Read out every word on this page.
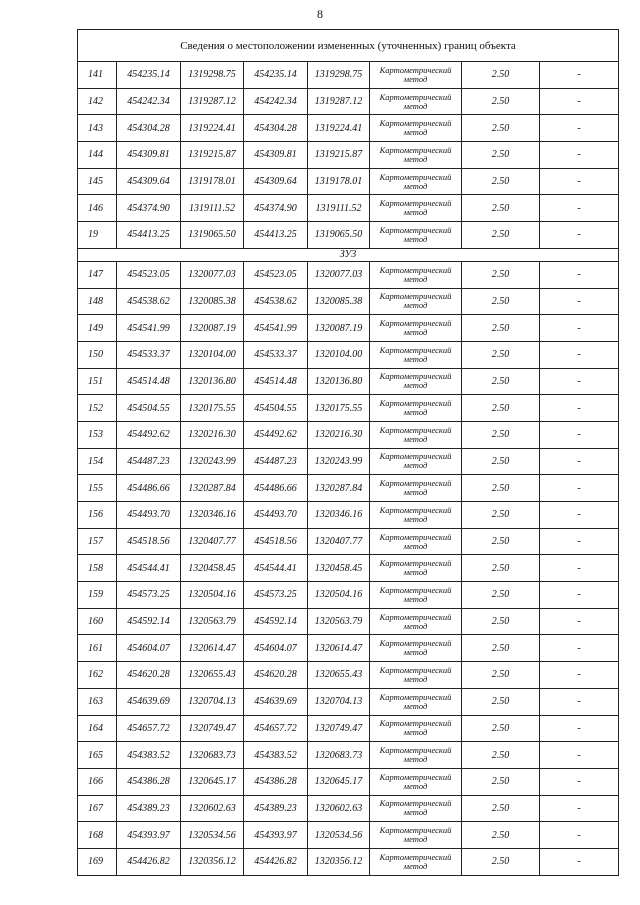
8
Сведения о местоположении измененных (уточненных) границ объекта							
141	454235.14	1319298.75	454235.14	1319298.75	Картометрический метод	2.50	-
142	454242.34	1319287.12	454242.34	1319287.12	Картометрический метод	2.50	-
143	454304.28	1319224.41	454304.28	1319224.41	Картометрический метод	2.50	-
144	454309.81	1319215.87	454309.81	1319215.87	Картометрический метод	2.50	-
145	454309.64	1319178.01	454309.64	1319178.01	Картометрический метод	2.50	-
146	454374.90	1319111.52	454374.90	1319111.52	Картометрический метод	2.50	-
19	454413.25	1319065.50	454413.25	1319065.50	Картометрический метод	2.50	-
ЗУ3							
147	454523.05	1320077.03	454523.05	1320077.03	Картометрический метод	2.50	-
148	454538.62	1320085.38	454538.62	1320085.38	Картометрический метод	2.50	-
149	454541.99	1320087.19	454541.99	1320087.19	Картометрический метод	2.50	-
150	454533.37	1320104.00	454533.37	1320104.00	Картометрический метод	2.50	-
151	454514.48	1320136.80	454514.48	1320136.80	Картометрический метод	2.50	-
152	454504.55	1320175.55	454504.55	1320175.55	Картометрический метод	2.50	-
153	454492.62	1320216.30	454492.62	1320216.30	Картометрический метод	2.50	-
154	454487.23	1320243.99	454487.23	1320243.99	Картометрический метод	2.50	-
155	454486.66	1320287.84	454486.66	1320287.84	Картометрический метод	2.50	-
156	454493.70	1320346.16	454493.70	1320346.16	Картометрический метод	2.50	-
157	454518.56	1320407.77	454518.56	1320407.77	Картометрический метод	2.50	-
158	454544.41	1320458.45	454544.41	1320458.45	Картометрический метод	2.50	-
159	454573.25	1320504.16	454573.25	1320504.16	Картометрический метод	2.50	-
160	454592.14	1320563.79	454592.14	1320563.79	Картометрический метод	2.50	-
161	454604.07	1320614.47	454604.07	1320614.47	Картометрический метод	2.50	-
162	454620.28	1320655.43	454620.28	1320655.43	Картометрический метод	2.50	-
163	454639.69	1320704.13	454639.69	1320704.13	Картометрический метод	2.50	-
164	454657.72	1320749.47	454657.72	1320749.47	Картометрический метод	2.50	-
165	454383.52	1320683.73	454383.52	1320683.73	Картометрический метод	2.50	-
166	454386.28	1320645.17	454386.28	1320645.17	Картометрический метод	2.50	-
167	454389.23	1320602.63	454389.23	1320602.63	Картометрический метод	2.50	-
168	454393.97	1320534.56	454393.97	1320534.56	Картометрический метод	2.50	-
169	454426.82	1320356.12	454426.82	1320356.12	Картометрический метод	2.50	-
